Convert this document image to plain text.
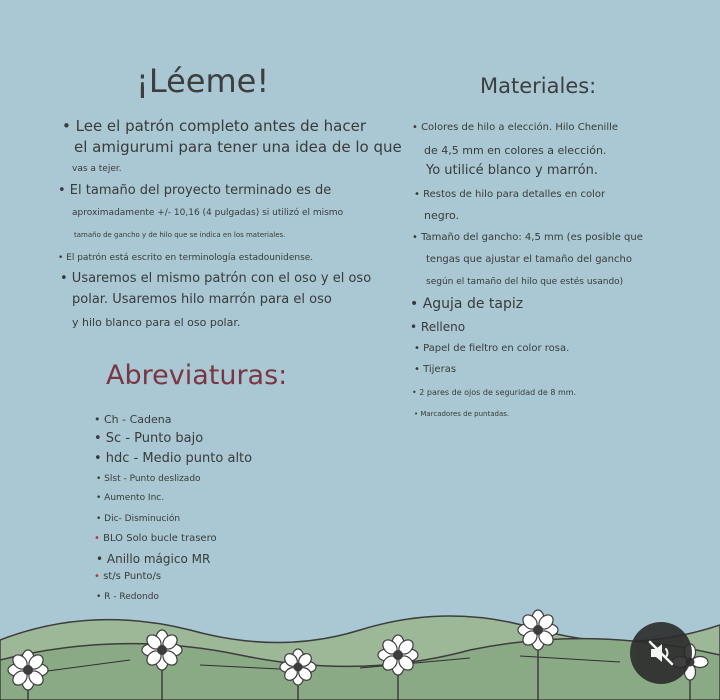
¡Léeme!
• Lee el patrón completo antes de hacer
el amigurumi para tener una idea de lo que
vas a tejer.
• El tamaño del proyecto terminado es de
aproximadamente +/- 10,16 (4 pulgadas) si utilizó el mismo
tamaño de gancho y de hilo que se indica en los materiales.
• El patrón está escrito en terminología estadounidense.
• Usaremos el mismo patrón con el oso y el oso
polar. Usaremos hilo marrón para el oso
y hilo blanco para el oso polar.
Materiales:
• Colores de hilo a elección. Hilo Chenille
de 4,5 mm en colores a elección.
Yo utilicé blanco y marrón.
• Restos de hilo para detalles en color
negro.
• Tamaño del gancho: 4,5 mm (es posible que
tengas que ajustar el tamaño del gancho
según el tamaño del hilo que estés usando)
• Aguja de tapiz
• Relleno
• Papel de fieltro en color rosa.
• Tijeras
• 2 pares de ojos de seguridad de 8 mm.
• Marcadores de puntadas.
Abreviaturas:
• Ch - Cadena
• Sc - Punto bajo
• hdc - Medio punto alto
• Slst - Punto deslizado
• Aumento Inc.
• Dic- Disminución
• BLO Solo bucle trasero
• Anillo mágico MR
• st/s Punto/s
• R - Redondo
